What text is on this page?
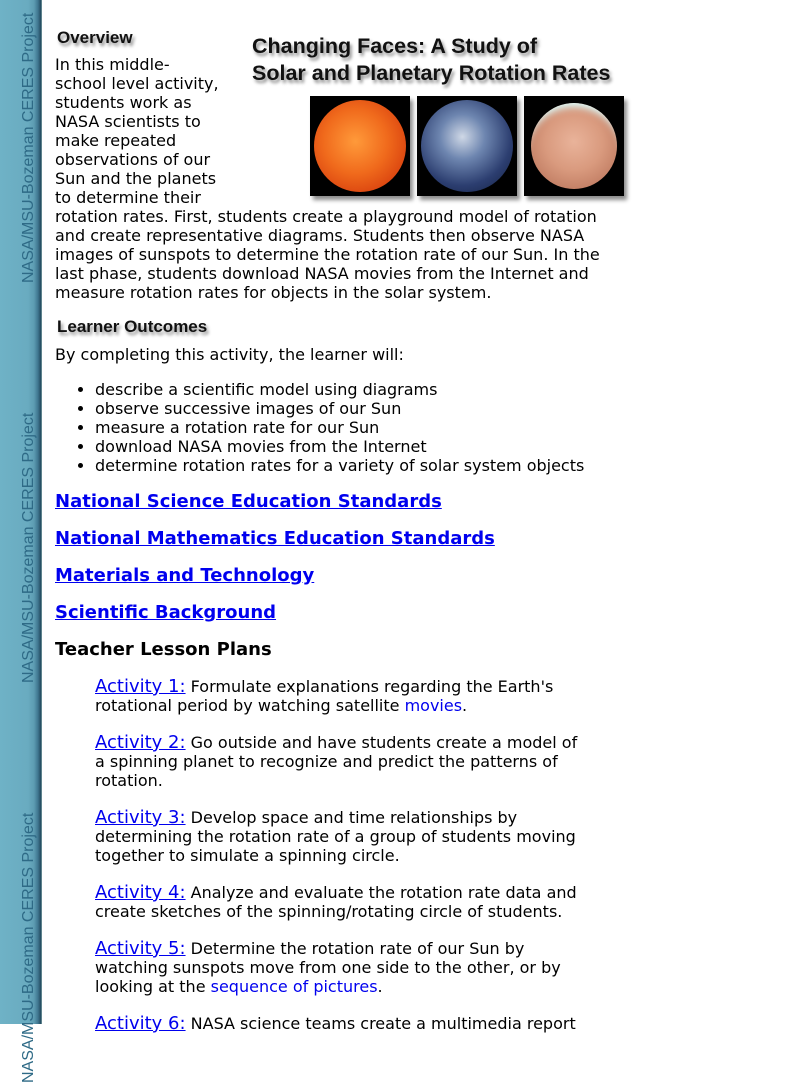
NASA/MSU-Bozeman CERES Project
NASA/MSU-Bozeman CERES Project
NASA/MSU-Bozeman CERES Project
Overview	Changing Faces: A Study of
Solar and Planetary Rotation Rates

In this middle-school level activity, students work as NASA scientists to make repeated observations of our Sun and the planets to determine their rotation rates. First, students create a playground model of rotation and create representative diagrams. Students then observe NASA images of sunspots to determine the rotation rate of our Sun. In the last phase, students download NASA movies from the Internet and measure rotation rates for objects in the solar system.

Learner Outcomes

By completing this activity, the learner will:

• describe a scientific model using diagrams
• observe successive images of our Sun
• measure a rotation rate for our Sun
• download NASA movies from the Internet
• determine rotation rates for a variety of solar system objects
National Science Education Standards
National Mathematics Education Standards
Materials and Technology
Scientific Background

Teacher Lesson Plans

Activity 1: Formulate explanations regarding the Earth's rotational period by watching satellite movies.

Activity 2: Go outside and have students create a model of a spinning planet to recognize and predict the patterns of rotation.

Activity 3: Develop space and time relationships by determining the rotation rate of a group of students moving together to simulate a spinning circle.

Activity 4: Analyze and evaluate the rotation rate data and create sketches of the spinning/rotating circle of students.

Activity 5: Determine the rotation rate of our Sun by watching sunspots move from one side to the other, or by looking at the sequence of pictures.

Activity 6: NASA science teams create a multimedia report
